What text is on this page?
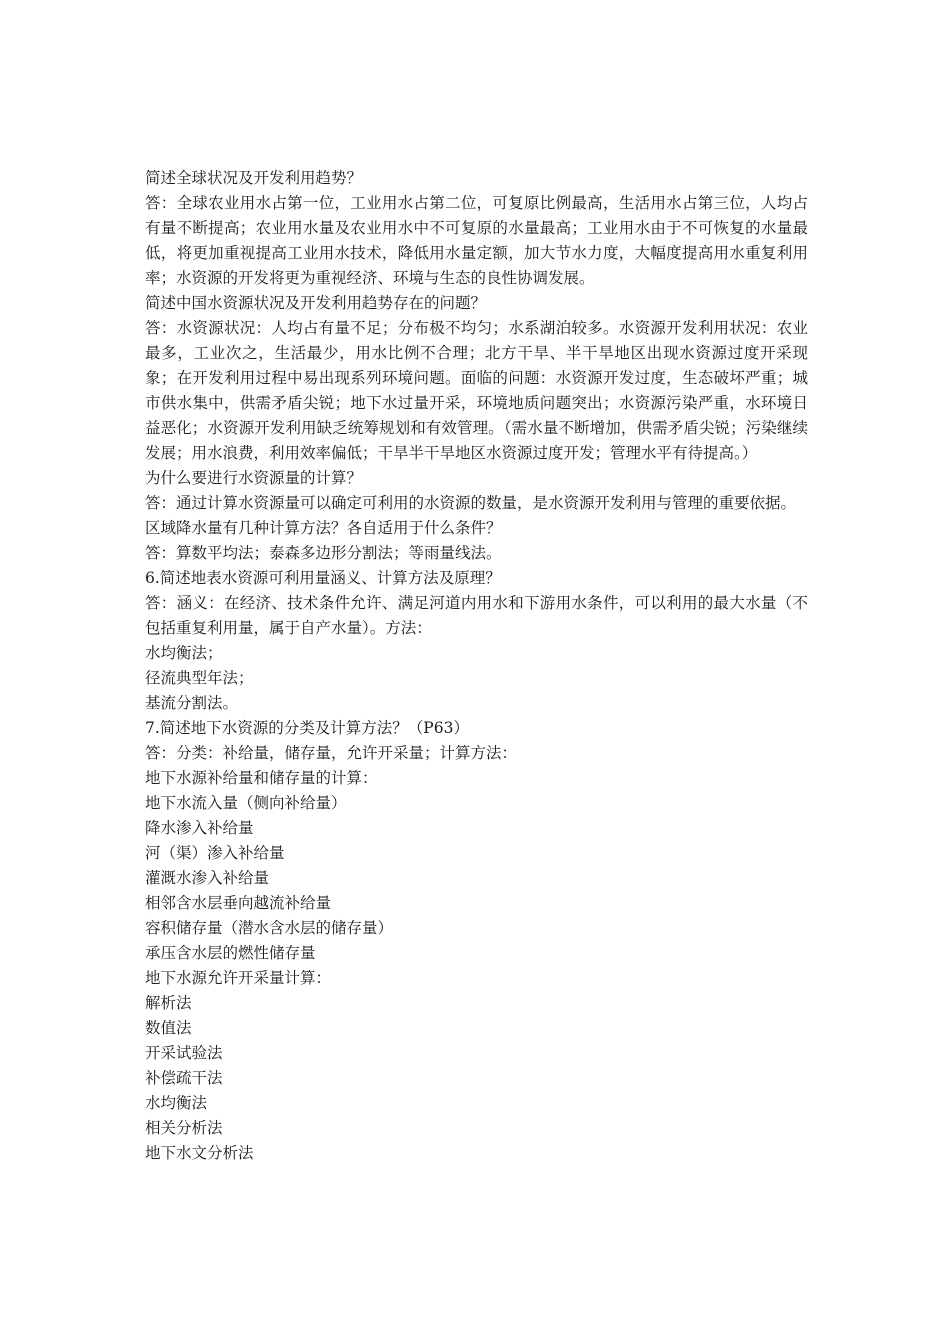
简述全球状况及开发利用趋势？

答：全球农业用水占第一位，工业用水占第二位，可复原比例最高，生活用水占第三位，人均占有量不断提高；农业用水量及农业用水中不可复原的水量最高；工业用水由于不可恢复的水量最低，将更加重视提高工业用水技术，降低用水量定额，加大节水力度，大幅度提高用水重复利用率；水资源的开发将更为重视经济、环境与生态的良性协调发展。

简述中国水资源状况及开发利用趋势存在的问题？

答：水资源状况：人均占有量不足；分布极不均匀；水系湖泊较多。水资源开发利用状况：农业最多，工业次之，生活最少，用水比例不合理；北方干旱、半干旱地区出现水资源过度开采现象；在开发利用过程中易出现系列环境问题。面临的问题：水资源开发过度，生态破坏严重；城市供水集中，供需矛盾尖锐；地下水过量开采，环境地质问题突出；水资源污染严重，水环境日益恶化；水资源开发利用缺乏统筹规划和有效管理。（需水量不断增加，供需矛盾尖锐；污染继续发展；用水浪费，利用效率偏低；干旱半干旱地区水资源过度开发；管理水平有待提高。）

为什么要进行水资源量的计算？

答：通过计算水资源量可以确定可利用的水资源的数量，是水资源开发利用与管理的重要依据。

区域降水量有几种计算方法？各自适用于什么条件？

答：算数平均法；泰森多边形分割法；等雨量线法。

6.简述地表水资源可利用量涵义、计算方法及原理？

答：涵义：在经济、技术条件允许、满足河道内用水和下游用水条件，可以利用的最大水量（不包括重复利用量，属于自产水量）。方法：

水均衡法；

径流典型年法；

基流分割法。

7.简述地下水资源的分类及计算方法？（P63）

答：分类：补给量，储存量，允许开采量；计算方法：

地下水源补给量和储存量的计算：

地下水流入量（侧向补给量）

降水渗入补给量

河（渠）渗入补给量

灌溉水渗入补给量

相邻含水层垂向越流补给量

容积储存量（潜水含水层的储存量）

承压含水层的燃性储存量

地下水源允许开采量计算：

解析法

数值法

开采试验法

补偿疏干法

水均衡法

相关分析法

地下水文分析法
